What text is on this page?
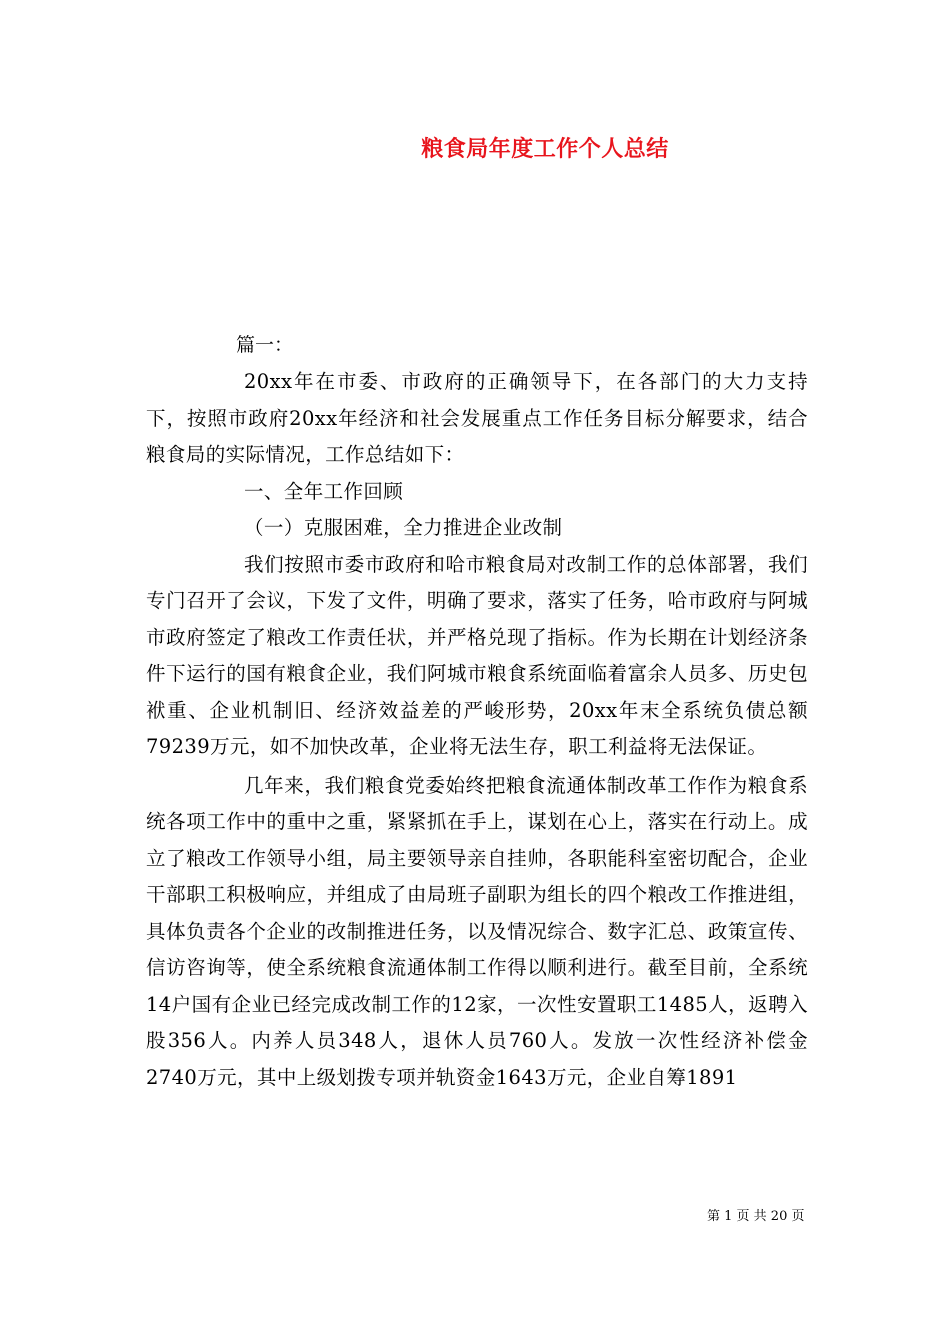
粮食局年度工作个人总结
篇一：

20xx年在市委、市政府的正确领导下，在各部门的大力支持下，按照市政府20xx年经济和社会发展重点工作任务目标分解要求，结合粮食局的实际情况，工作总结如下：

一、全年工作回顾

（一）克服困难，全力推进企业改制

我们按照市委市政府和哈市粮食局对改制工作的总体部署，我们专门召开了会议，下发了文件，明确了要求，落实了任务，哈市政府与阿城市政府签定了粮改工作责任状，并严格兑现了指标。作为长期在计划经济条件下运行的国有粮食企业，我们阿城市粮食系统面临着富余人员多、历史包袱重、企业机制旧、经济效益差的严峻形势，20xx年末全系统负债总额79239万元，如不加快改革，企业将无法生存，职工利益将无法保证。

几年来，我们粮食党委始终把粮食流通体制改革工作作为粮食系统各项工作中的重中之重，紧紧抓在手上，谋划在心上，落实在行动上。成立了粮改工作领导小组，局主要领导亲自挂帅，各职能科室密切配合，企业干部职工积极响应，并组成了由局班子副职为组长的四个粮改工作推进组，具体负责各个企业的改制推进任务，以及情况综合、数字汇总、政策宣传、信访咨询等，使全系统粮食流通体制工作得以顺利进行。截至目前，全系统14户国有企业已经完成改制工作的12家，一次性安置职工1485人，返聘入股356人。内养人员348人，退休人员760人。发放一次性经济补偿金2740万元，其中上级划拨专项并轨资金1643万元，企业自筹1891

第 1 页 共 20 页
